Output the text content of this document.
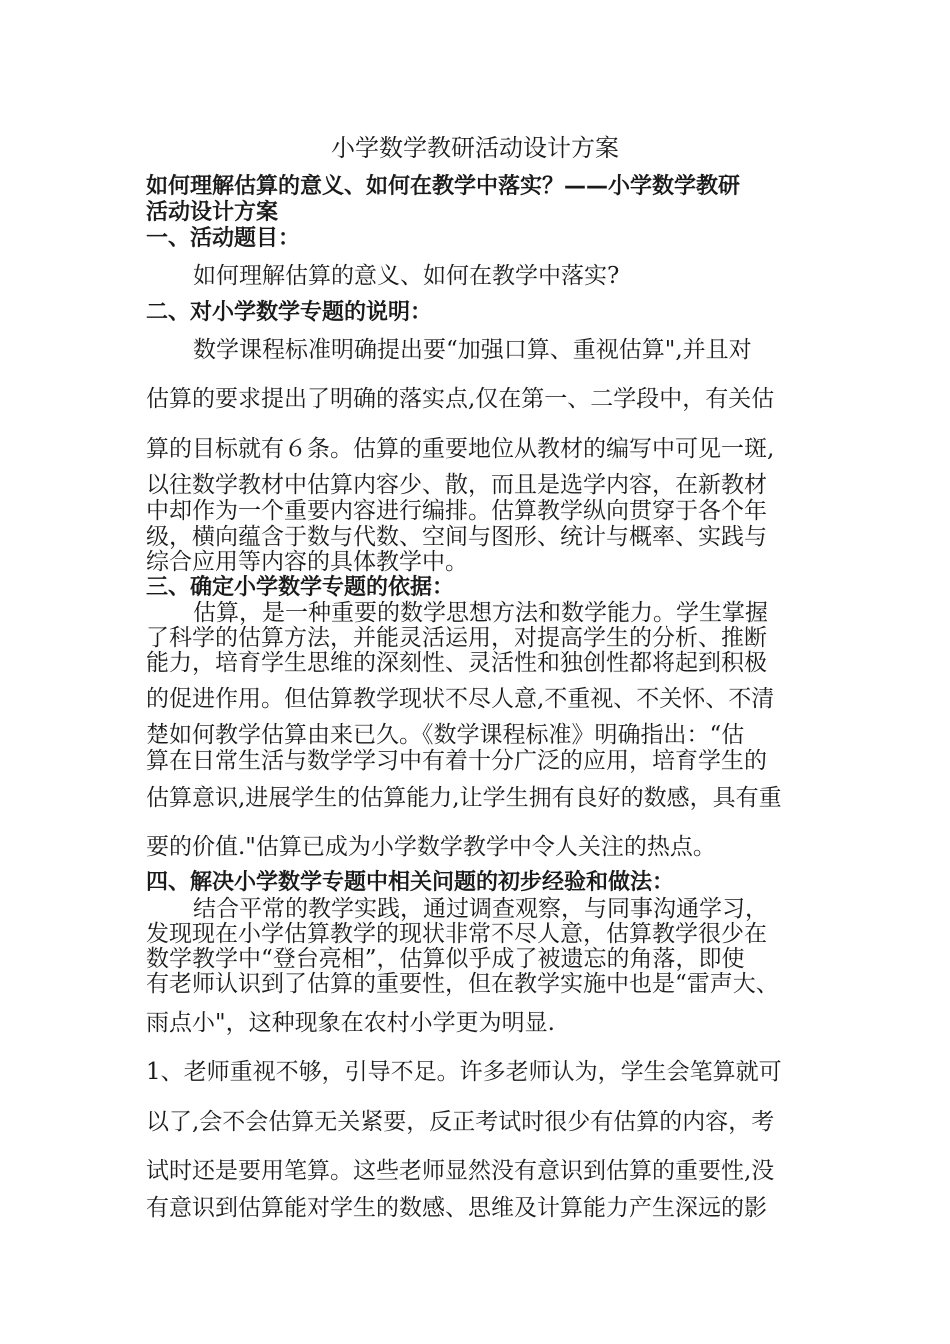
小学数学教研活动设计方案
如何理解估算的意义、如何在教学中落实？——小学数学教研
活动设计方案
一、活动题目：
如何理解估算的意义、如何在教学中落实?
二、对小学数学专题的说明：
数学课程标准明确提出要“加强口算、重视估算",并且对
估算的要求提出了明确的落实点,仅在第一、二学段中，有关估
算的目标就有６条。估算的重要地位从教材的编写中可见一斑,
以往数学教材中估算内容少、散，而且是选学内容，在新教材
中却作为一个重要内容进行编排。估算教学纵向贯穿于各个年
级，横向蕴含于数与代数、空间与图形、统计与概率、实践与
综合应用等内容的具体教学中。
三、确定小学数学专题的依据：
估算，是一种重要的数学思想方法和数学能力。学生掌握
了科学的估算方法，并能灵活运用，对提高学生的分析、推断
能力，培育学生思维的深刻性、灵活性和独创性都将起到积极
的促进作用。但估算教学现状不尽人意,不重视、不关怀、不清
楚如何教学估算由来已久。《数学课程标准》明确指出：“估
算在日常生活与数学学习中有着十分广泛的应用，培育学生的
估算意识,进展学生的估算能力,让学生拥有良好的数感，具有重
要的价值."估算已成为小学数学教学中令人关注的热点。
四、解决小学数学专题中相关问题的初步经验和做法：
结合平常的教学实践，通过调查观察，与同事沟通学习，
发现现在小学估算教学的现状非常不尽人意，估算教学很少在
数学教学中“登台亮相”，估算似乎成了被遗忘的角落，即使
有老师认识到了估算的重要性，但在教学实施中也是“雷声大、
雨点小"，这种现象在农村小学更为明显.
1、老师重视不够，引导不足。许多老师认为，学生会笔算就可
以了,会不会估算无关紧要，反正考试时很少有估算的内容，考
试时还是要用笔算。这些老师显然没有意识到估算的重要性,没
有意识到估算能对学生的数感、思维及计算能力产生深远的影
